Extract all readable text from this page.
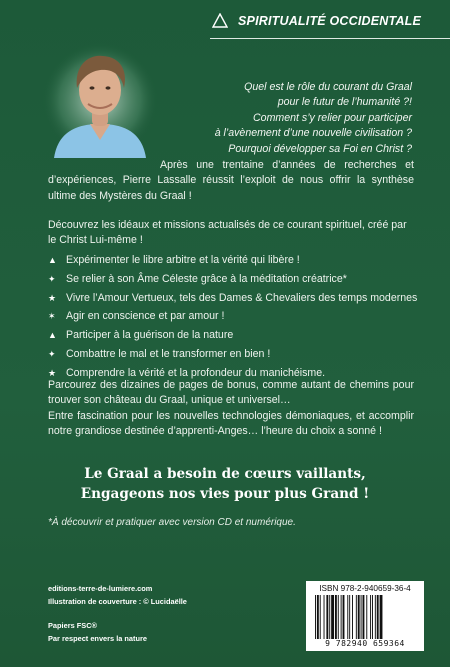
SPIRITUALITÉ OCCIDENTALE
Quel est le rôle du courant du Graal
pour le futur de l’humanité ?!
Comment s’y relier pour participer
à l’avènement d’une nouvelle civilisation ?
Pourquoi développer sa Foi en Christ ?

Après une trentaine d’années de recherches et d’expériences, Pierre Lassalle réussit l’exploit de nous offrir la synthèse ultime des Mystères du Graal !

Découvrez les idéaux et missions actualisés de ce courant spirituel, créé par le Christ Lui-même !

▲ Expérimenter le libre arbitre et la vérité qui libère !
✦ Se relier à son Âme Céleste grâce à la méditation créatrice*
★ Vivre l’Amour Vertueux, tels des Dames & Chevaliers des temps modernes
✶ Agir en conscience et par amour !
▲ Participer à la guérison de la nature
✦ Combattre le mal et le transformer en bien !
★ Comprendre la vérité et la profondeur du manichéisme.

Parcourez des dizaines de pages de bonus, comme autant de chemins pour trouver son château du Graal, unique et universel…

Entre fascination pour les nouvelles technologies démoniaques, et accomplir notre grandiose destinée d’apprenti-Anges… l’heure du choix a sonné !

Le Graal a besoin de cœurs vaillants,
Engageons nos vies pour plus Grand !

*À découvrir et pratiquer avec version CD et numérique.

editions-terre-de-lumiere.com
Illustration de couverture : © Lucidaëlle
Papiers FSC®
Par respect envers la nature
ISBN 978-2-940659-36-4
9 782940 659364
